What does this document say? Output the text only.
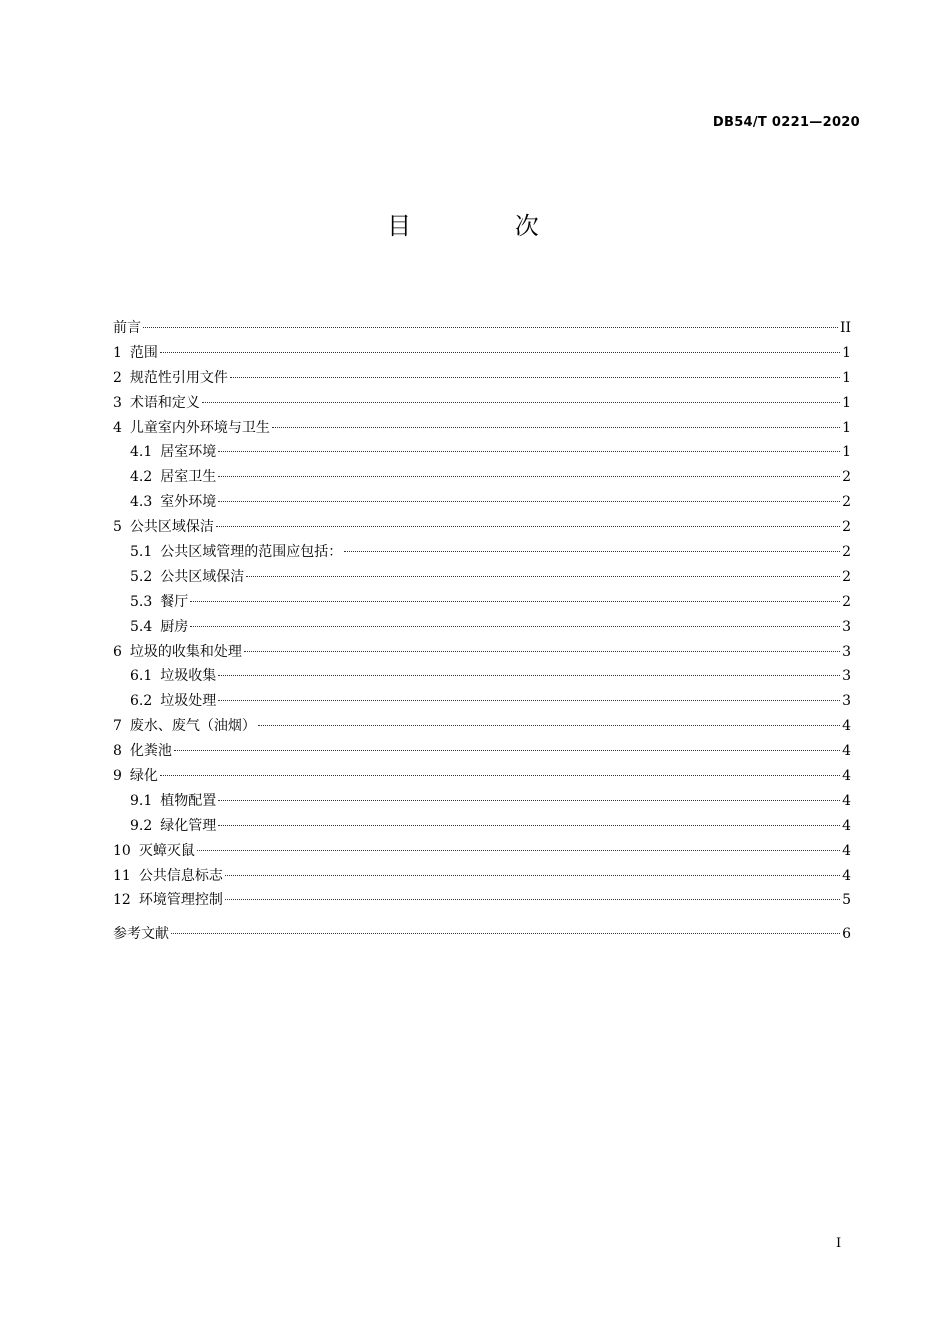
DB54/T 0221—2020
目 次
前言	II
1 范围	1
2 规范性引用文件	1
3 术语和定义	1
4 儿童室内外环境与卫生	1
4.1 居室环境	1
4.2 居室卫生	2
4.3 室外环境	2
5 公共区域保洁	2
5.1 公共区域管理的范围应包括：	2
5.2 公共区域保洁	2
5.3 餐厅	2
5.4 厨房	3
6 垃圾的收集和处理	3
6.1 垃圾收集	3
6.2 垃圾处理	3
7 废水、废气（油烟）	4
8 化粪池	4
9 绿化	4
9.1 植物配置	4
9.2 绿化管理	4
10 灭蟑灭鼠	4
11 公共信息标志	4
12 环境管理控制	5
参考文献	6
I
